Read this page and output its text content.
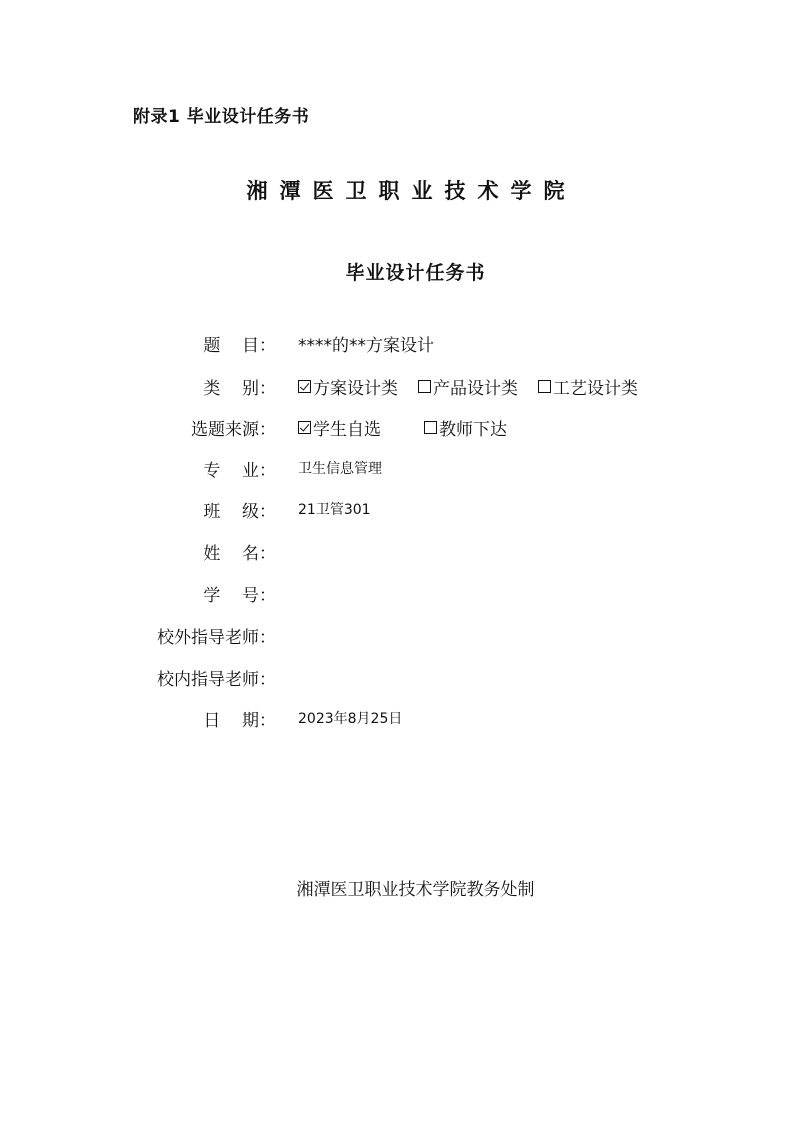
附录1 毕业设计任务书
湘潭医卫职业技术学院
毕业设计任务书
题    目： ****的**方案设计
类    别： 方案设计类 产品设计类 工艺设计类
选题来源： 学生自选	教师下达
专    业： 卫生信息管理
班    级： 21卫管301
姓    名：
学    号：
校外指导老师：
校内指导老师：
日    期： 2023年8月25日
湘潭医卫职业技术学院教务处制
